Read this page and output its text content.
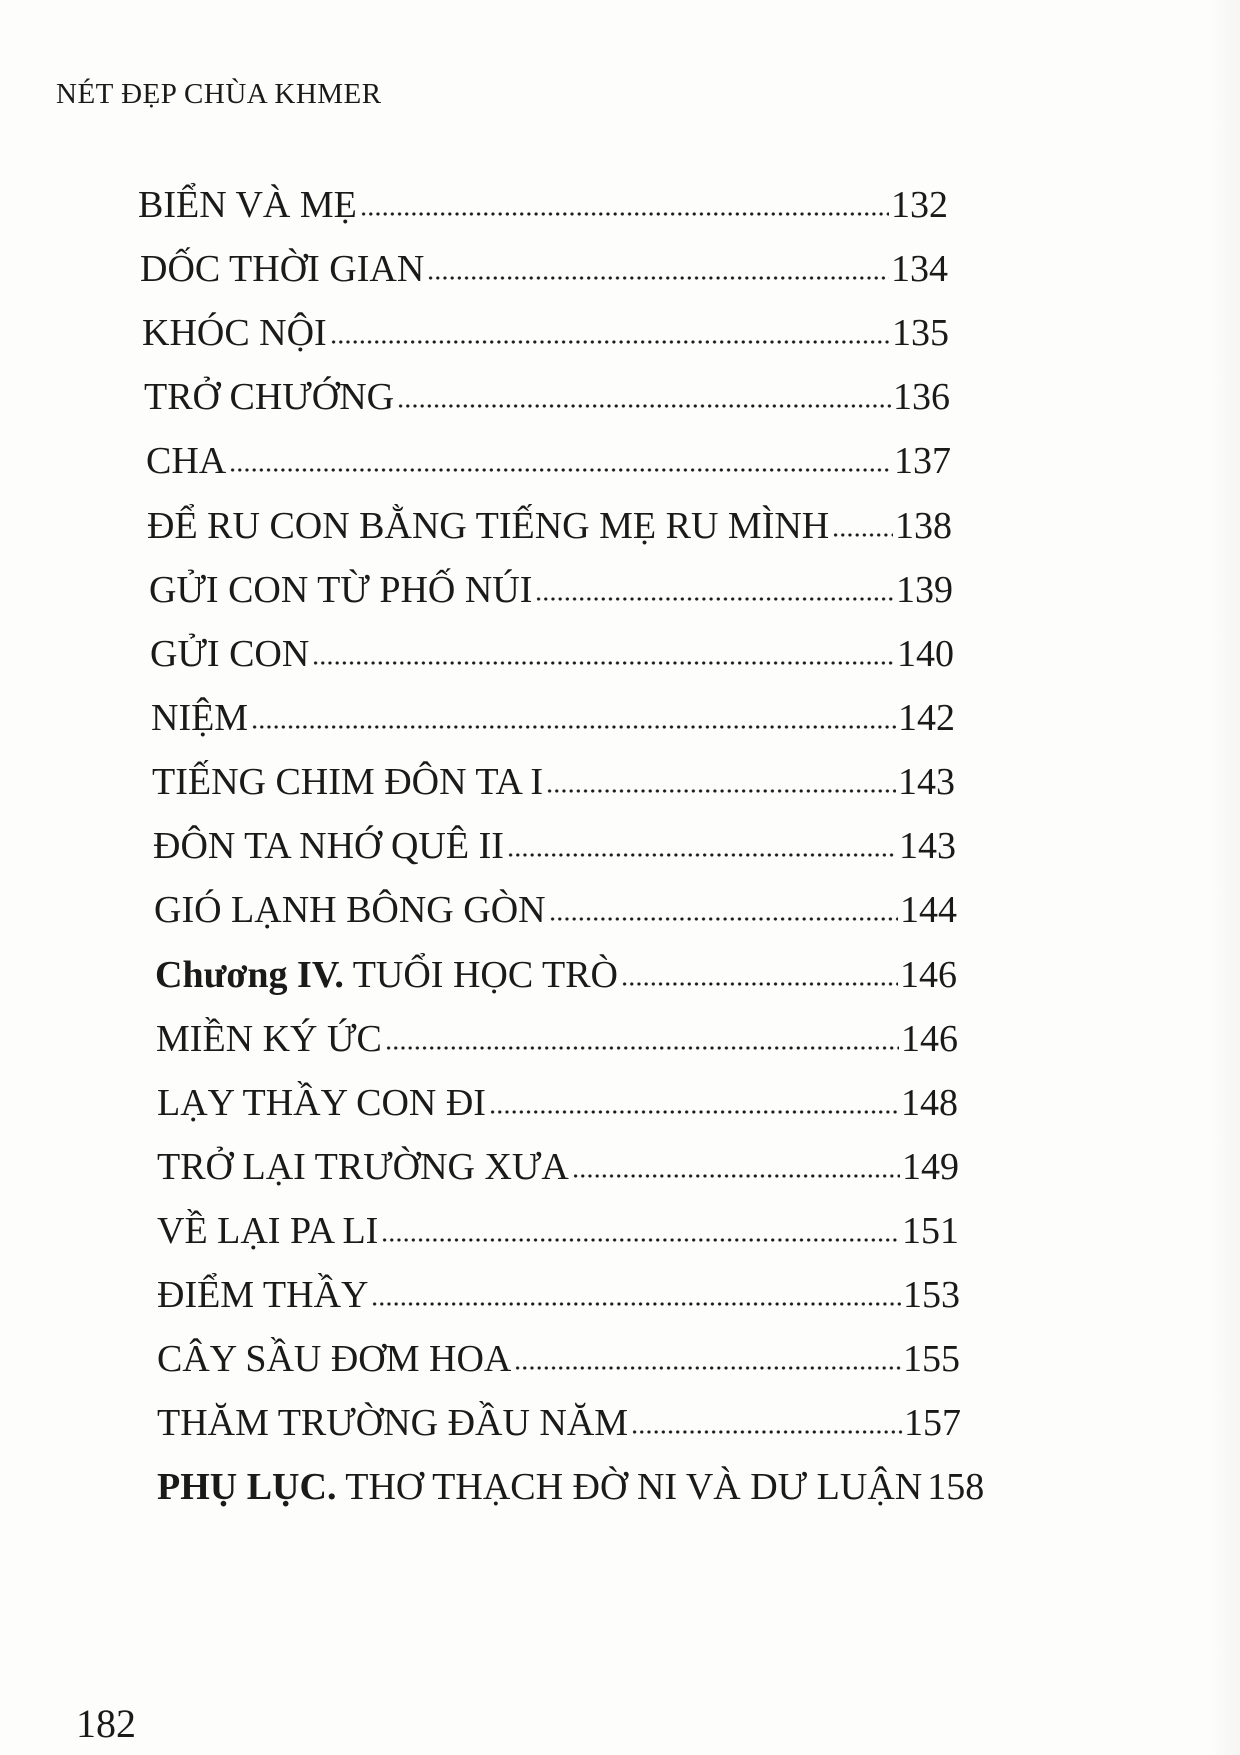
NÉT ĐẸP CHÙA KHMER
BIỂN VÀ MẸ	132
DỐC THỜI GIAN	134
KHÓC NỘI	135
TRỞ CHƯỚNG	136
CHA	137
ĐỂ RU CON BẰNG TIẾNG MẸ RU MÌNH 138
GỬI CON TỪ PHỐ NÚI	139
GỬI CON	140
NIỆM	142
TIẾNG CHIM ĐÔN TA I	143
ĐÔN TA NHỚ QUÊ II	143
GIÓ LẠNH BÔNG GÒN	144
Chương IV. TUỔI HỌC TRÒ	146
MIỀN KÝ ỨC	146
LẠY THẦY CON ĐI	148
TRỞ LẠI TRƯỜNG XƯA	149
VỀ LẠI PA LI	151
ĐIỂM THẦY	153
CÂY SẦU ĐƠM HOA	155
THĂM TRƯỜNG ĐẦU NĂM	157
PHỤ LỤC. THƠ THẠCH ĐỜ NI VÀ DƯ LUẬN 158
182
